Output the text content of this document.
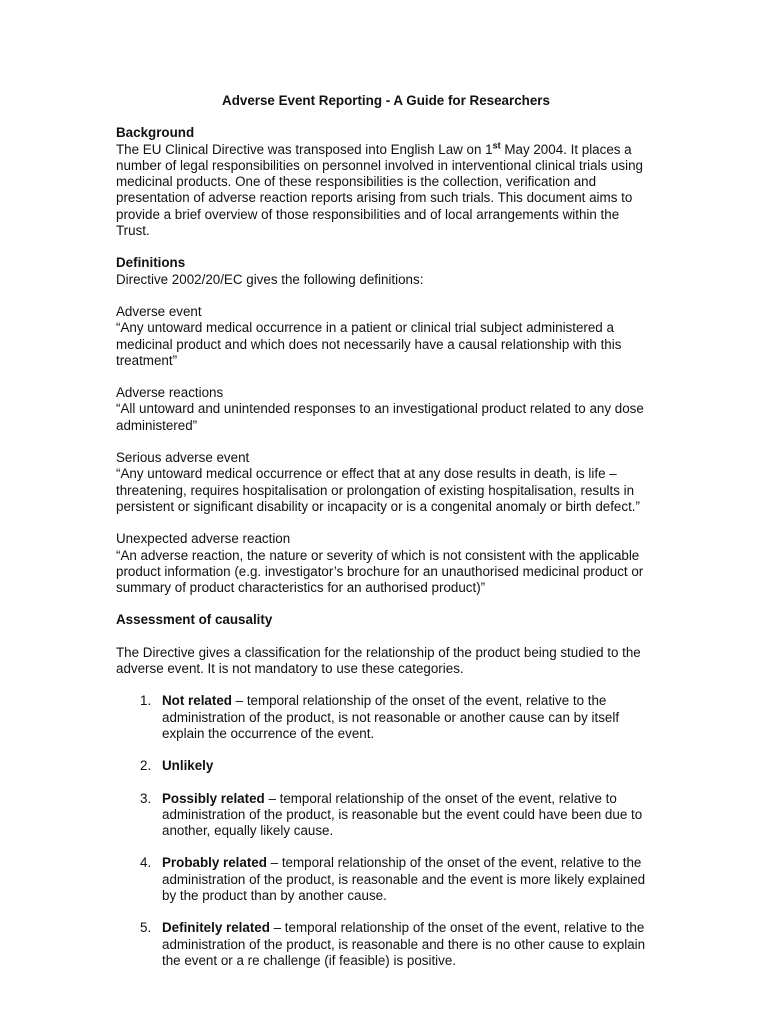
Adverse Event Reporting - A Guide for Researchers

Background

The EU Clinical Directive was transposed into English Law on 1st May 2004. It places a number of legal responsibilities on personnel involved in interventional clinical trials using medicinal products. One of these responsibilities is the collection, verification and presentation of adverse reaction reports arising from such trials. This document aims to provide a brief overview of those responsibilities and of local arrangements within the Trust.

Definitions

Directive 2002/20/EC gives the following definitions:

Adverse event

“Any untoward medical occurrence in a patient or clinical trial subject administered a medicinal product and which does not necessarily have a causal relationship with this treatment”

Adverse reactions

“All untoward and unintended responses to an investigational product related to any dose administered”

Serious adverse event

“Any untoward medical occurrence or effect that at any dose results in death, is life – threatening, requires hospitalisation or prolongation of existing hospitalisation, results in persistent or significant disability or incapacity or is a congenital anomaly or birth defect.”

Unexpected adverse reaction

“An adverse reaction, the nature or severity of which is not consistent with the applicable product information (e.g. investigator’s brochure for an unauthorised medicinal product or summary of product characteristics for an authorised product)”

Assessment of causality

The Directive gives a classification for the relationship of the product being studied to the adverse event. It is not mandatory to use these categories.

1. Not related – temporal relationship of the onset of the event, relative to the administration of the product, is not reasonable or another cause can by itself explain the occurrence of the event.
2. Unlikely
3. Possibly related – temporal relationship of the onset of the event, relative to administration of the product, is reasonable but the event could have been due to another, equally likely cause.
4. Probably related – temporal relationship of the onset of the event, relative to the administration of the product, is reasonable and the event is more likely explained by the product than by another cause.
5. Definitely related – temporal relationship of the onset of the event, relative to the administration of the product, is reasonable and there is no other cause to explain the event or a re challenge (if feasible) is positive.
